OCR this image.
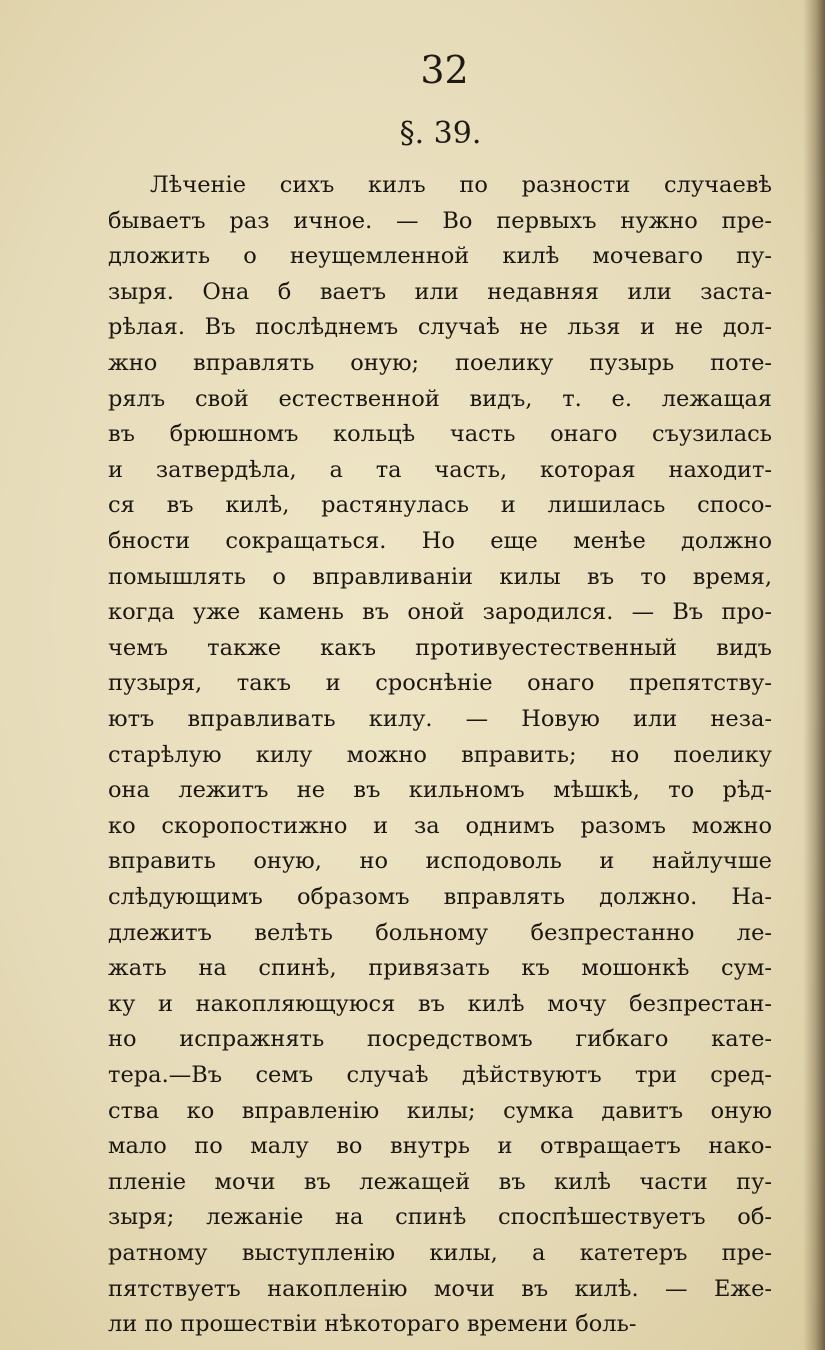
32
§. 39.
Лѣченіе сихъ килъ по разности случаевѣ
бываетъ раз ичное. — Во первыхъ нужно пре-
дложить о неущемленной килѣ мочеваго пу-
зыря. Она б ваетъ или недавняя или заста-
рѣлая. Въ послѣднемъ случаѣ не льзя и не дол-
жно вправлять оную; поелику пузырь поте-
рялъ свой естественной видъ, т. е. лежащая
въ брюшномъ кольцѣ часть онаго съузилась
и затвердѣла, а та часть, которая находит-
ся въ килѣ, растянулась и лишилась спосо-
бности сокращаться. Но еще менѣе должно
помышлять о вправливаніи килы въ то время,
когда уже камень въ оной зародился. — Въ про-
чемъ также какъ противуестественный видъ
пузыря, такъ и сроснѣніе онаго препятству-
ютъ вправливать килу. — Новую или неза-
старѣлую килу можно вправить; но поелику
она лежитъ не въ кильномъ мѣшкѣ, то рѣд-
ко скоропостижно и за однимъ разомъ можно
вправить оную, но исподоволь и найлучше
слѣдующимъ образомъ вправлять должно. На-
длежитъ велѣть больному безпрестанно ле-
жать на спинѣ, привязать къ мошонкѣ сум-
ку и накопляющуюся въ килѣ мочу безпрестан-
но испражнять посредствомъ гибкаго кате-
тера.—Въ семъ случаѣ дѣйствуютъ три сред-
ства ко вправленію килы; сумка давитъ оную
мало по малу во внутрь и отвращаетъ нако-
пленіе мочи въ лежащей въ килѣ части пу-
зыря; лежаніе на спинѣ споспѣшествуетъ об-
ратному выступленію килы, а катетеръ пре-
пятствуетъ накопленію мочи въ килѣ. — Еже-
ли по прошествіи нѣкотораго времени боль-
